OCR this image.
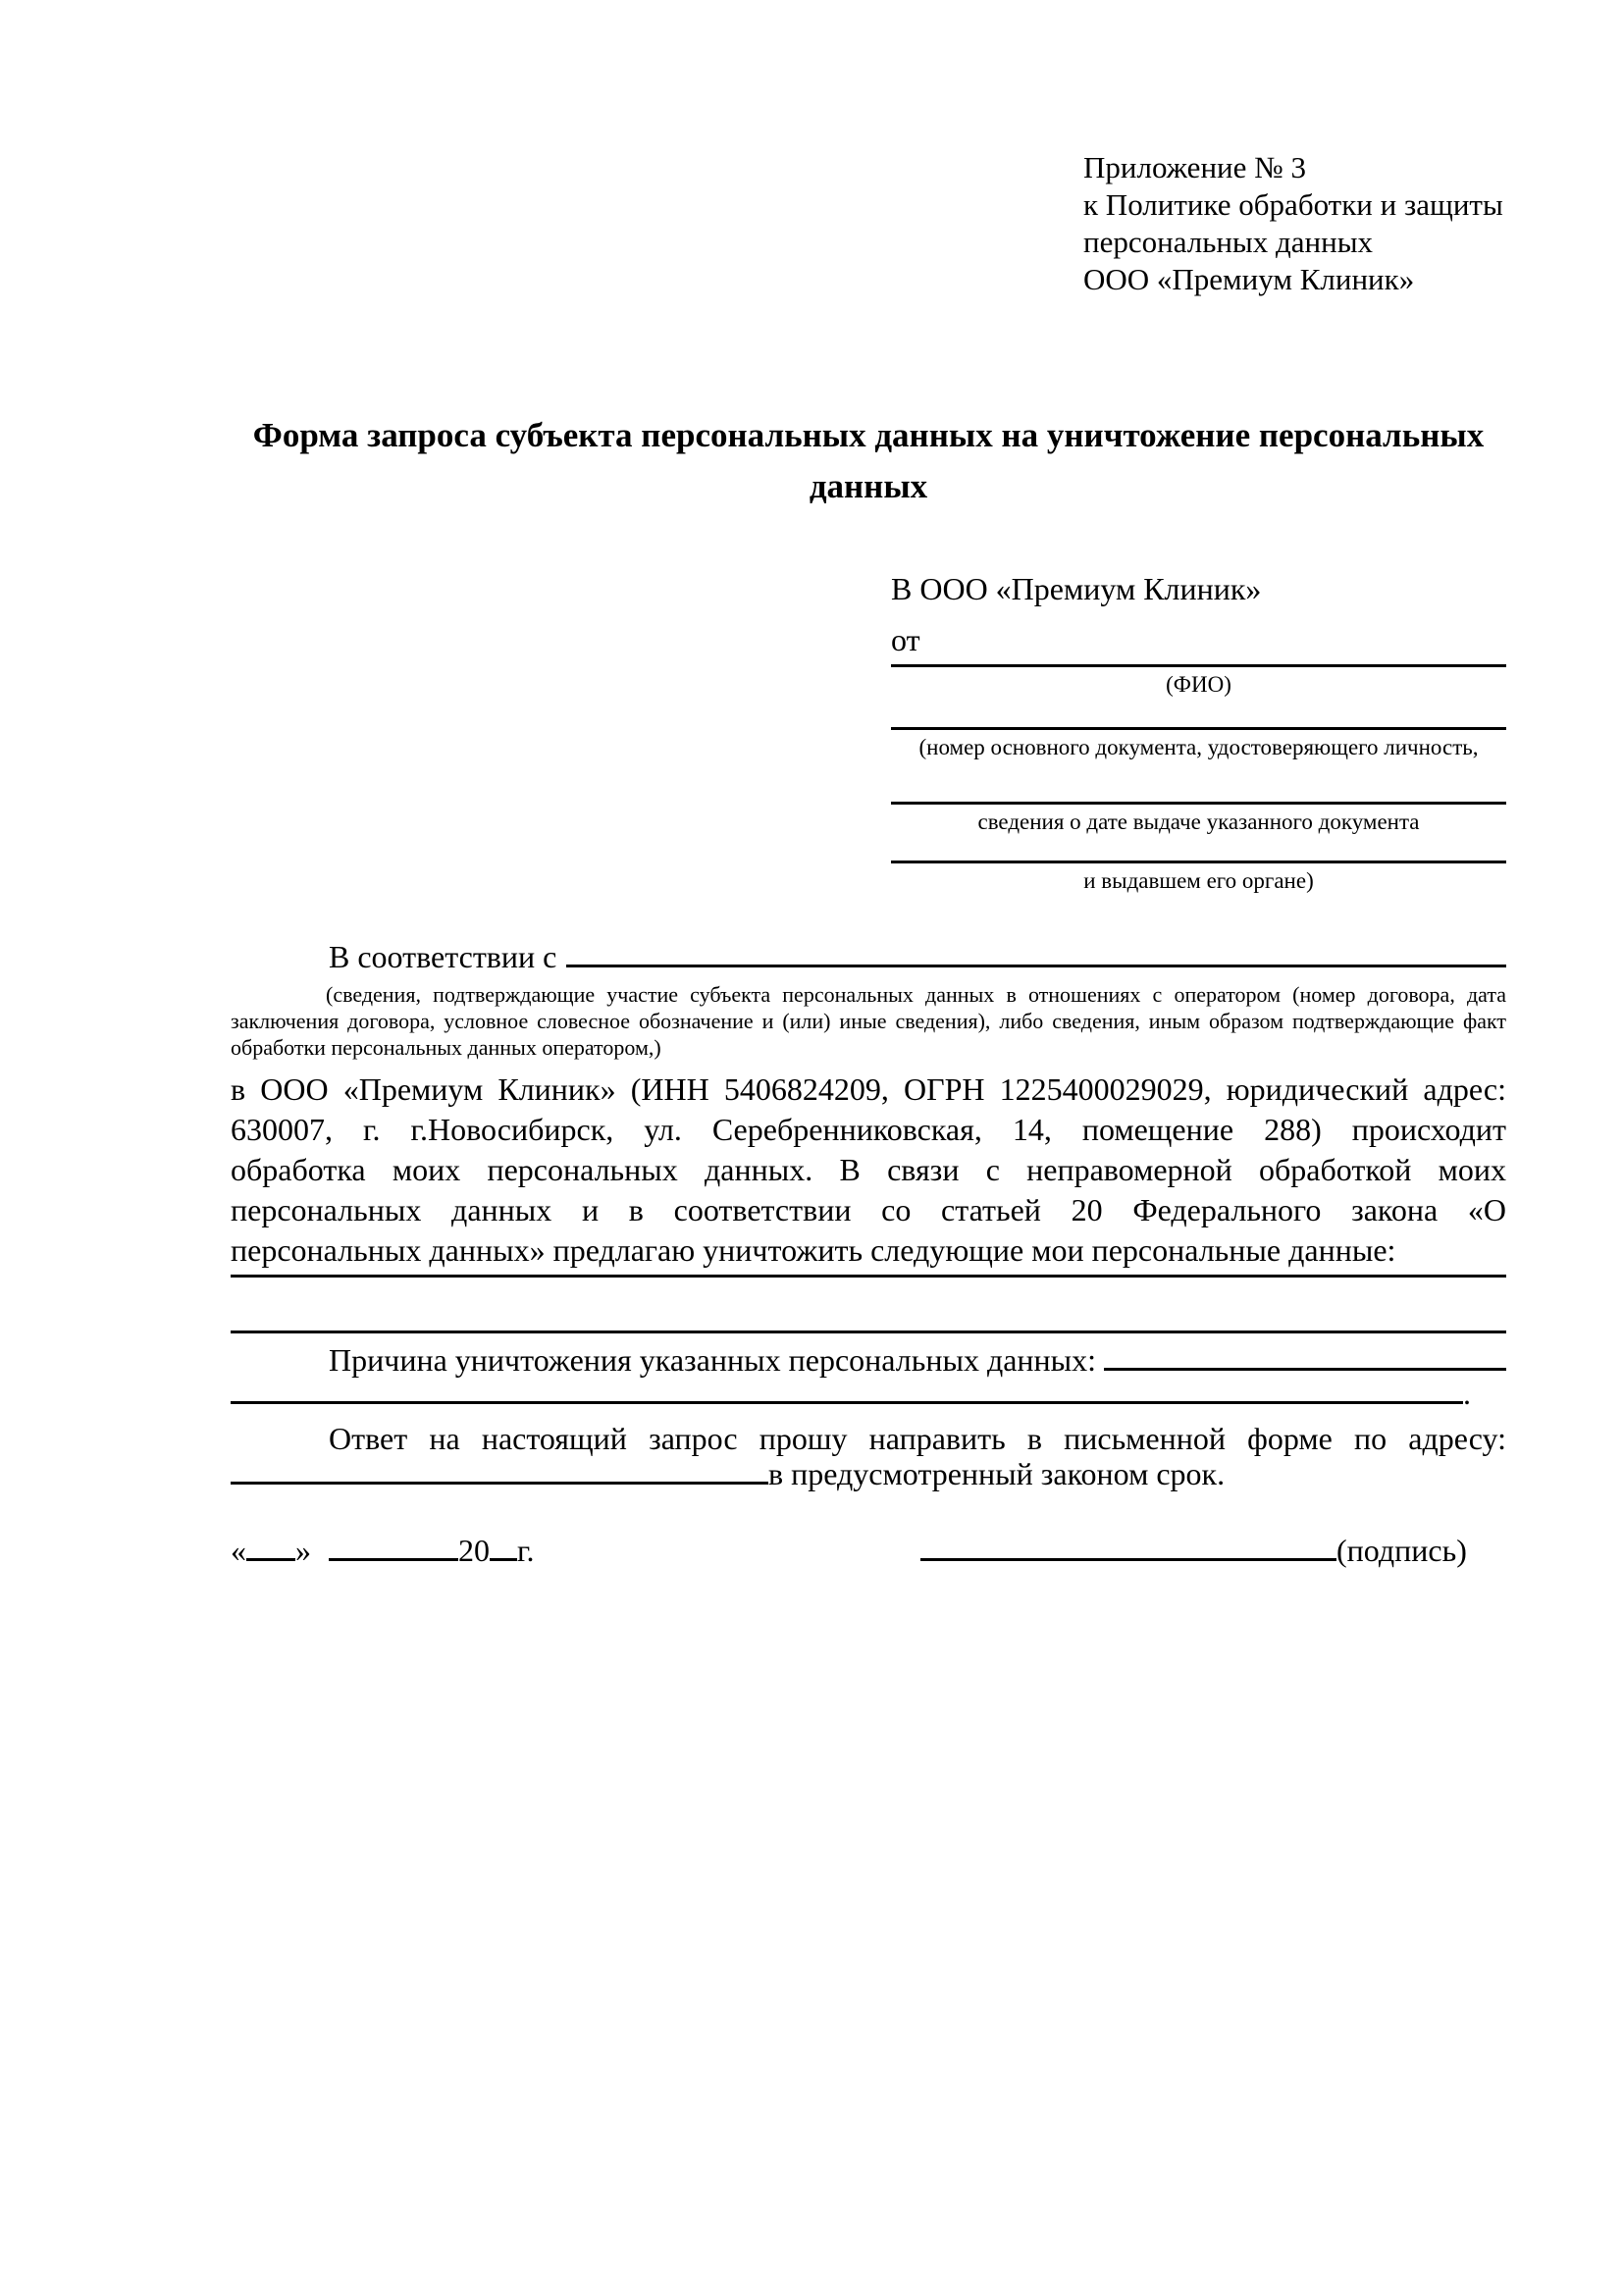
Приложение № 3
к Политике обработки и защиты
персональных данных
ООО «Премиум Клиник»
Форма запроса субъекта персональных данных на уничтожение персональных данных
В ООО «Премиум Клиник»
от
(ФИО)
(номер основного документа, удостоверяющего личность,
сведения о дате выдаче указанного документа
и выдавшем его органе)
В соответствии с
(сведения, подтверждающие участие субъекта персональных данных в отношениях с оператором (номер договора, дата
заключения договора, условное словесное обозначение и (или) иные сведения), либо сведения, иным образом подтверждающие факт
обработки персональных данных оператором,)
в ООО «Премиум Клиник» (ИНН 5406824209, ОГРН 1225400029029, юридический адрес:
630007, г. г.Новосибирск, ул. Серебренниковская, 14, помещение 288) происходит
обработка моих персональных данных. В связи с неправомерной обработкой моих
персональных данных и в соответствии со статьей 20 Федерального закона «О
персональных данных» предлагаю уничтожить следующие мои персональные данные:
Причина уничтожения указанных персональных данных:
.
Ответ на настоящий запрос прошу направить в письменной форме по адресу:
в предусмотренный законом срок.
« »	20 г.	(подпись)
